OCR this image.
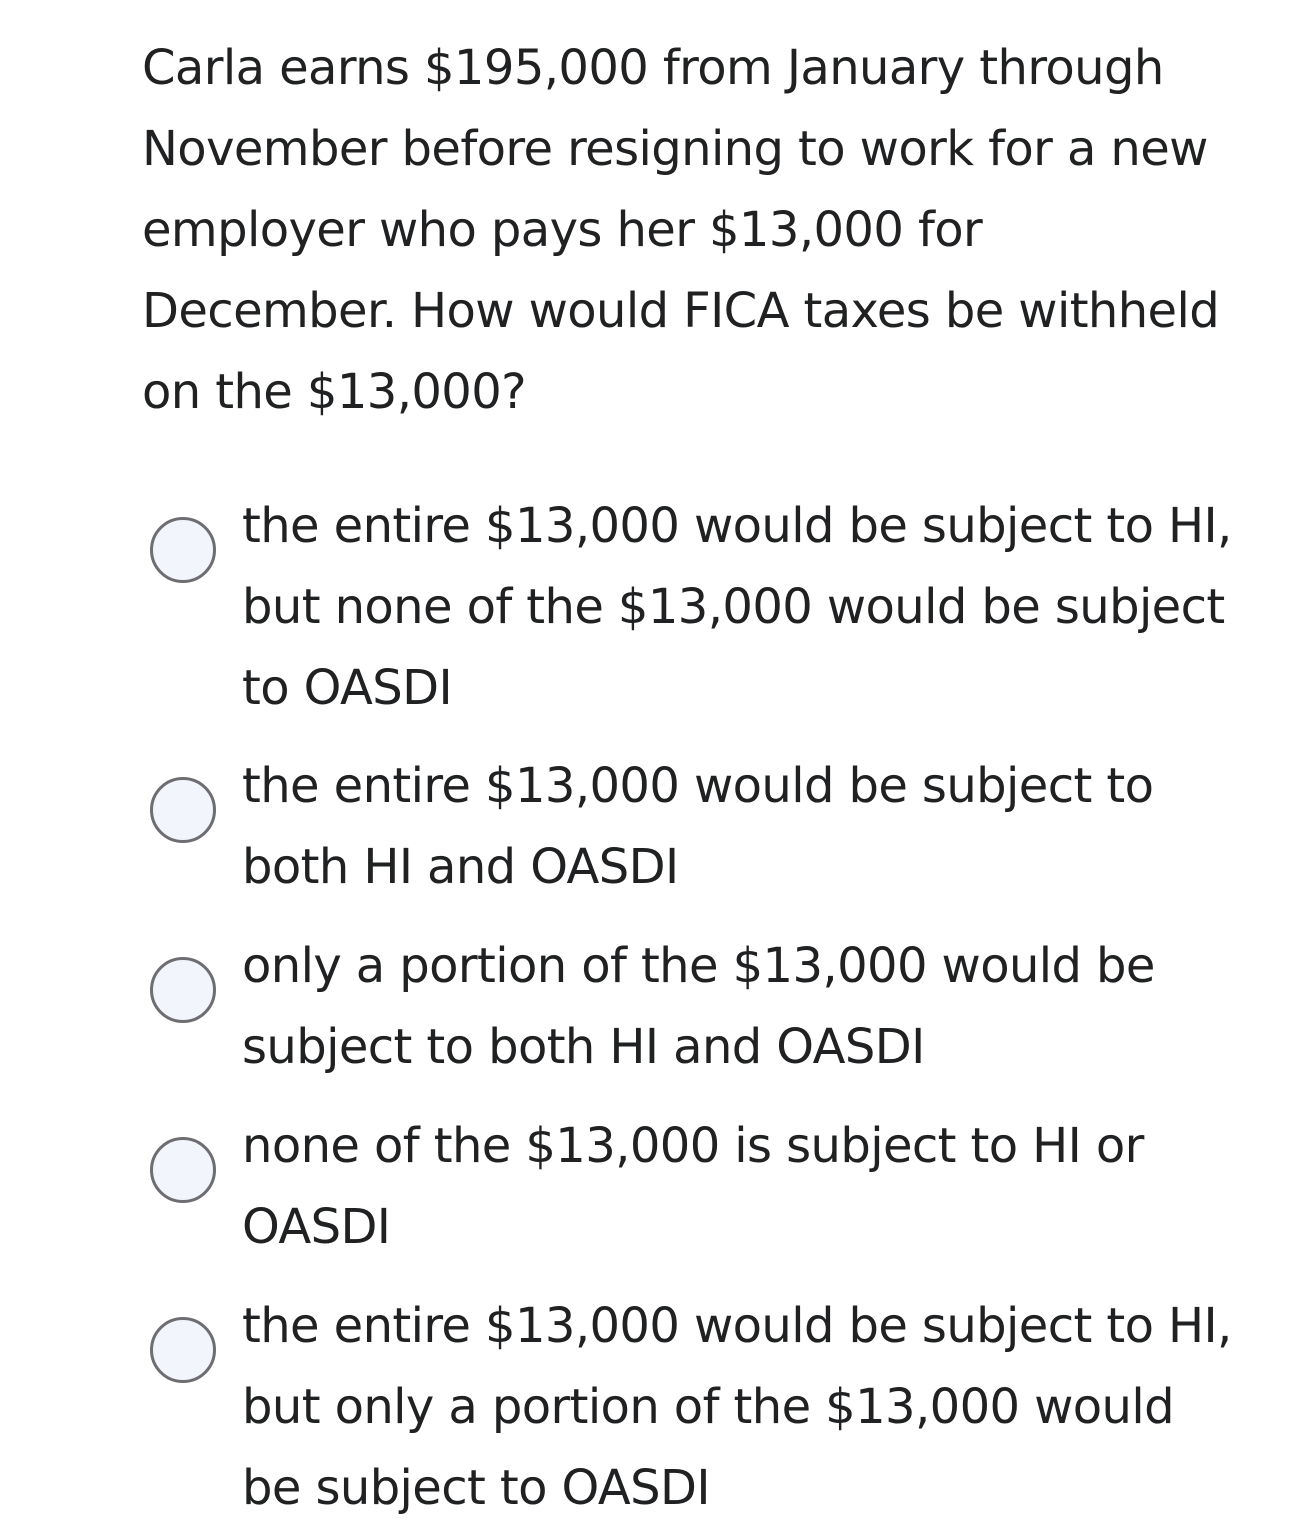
Carla earns $195,000 from January through November before resigning to work for a new employer who pays her $13,000 for December. How would FICA taxes be withheld on the $13,000?

the entire $13,000 would be subject to HI, but none of the $13,000 would be subject  to OASDI
the entire $13,000 would be subject to both HI and OASDI
only a portion of the $13,000 would be subject to both HI and OASDI
none of the $13,000 is subject to HI or OASDI
the entire $13,000 would be subject to HI, but only a portion of the $13,000 would be subject to OASDI
